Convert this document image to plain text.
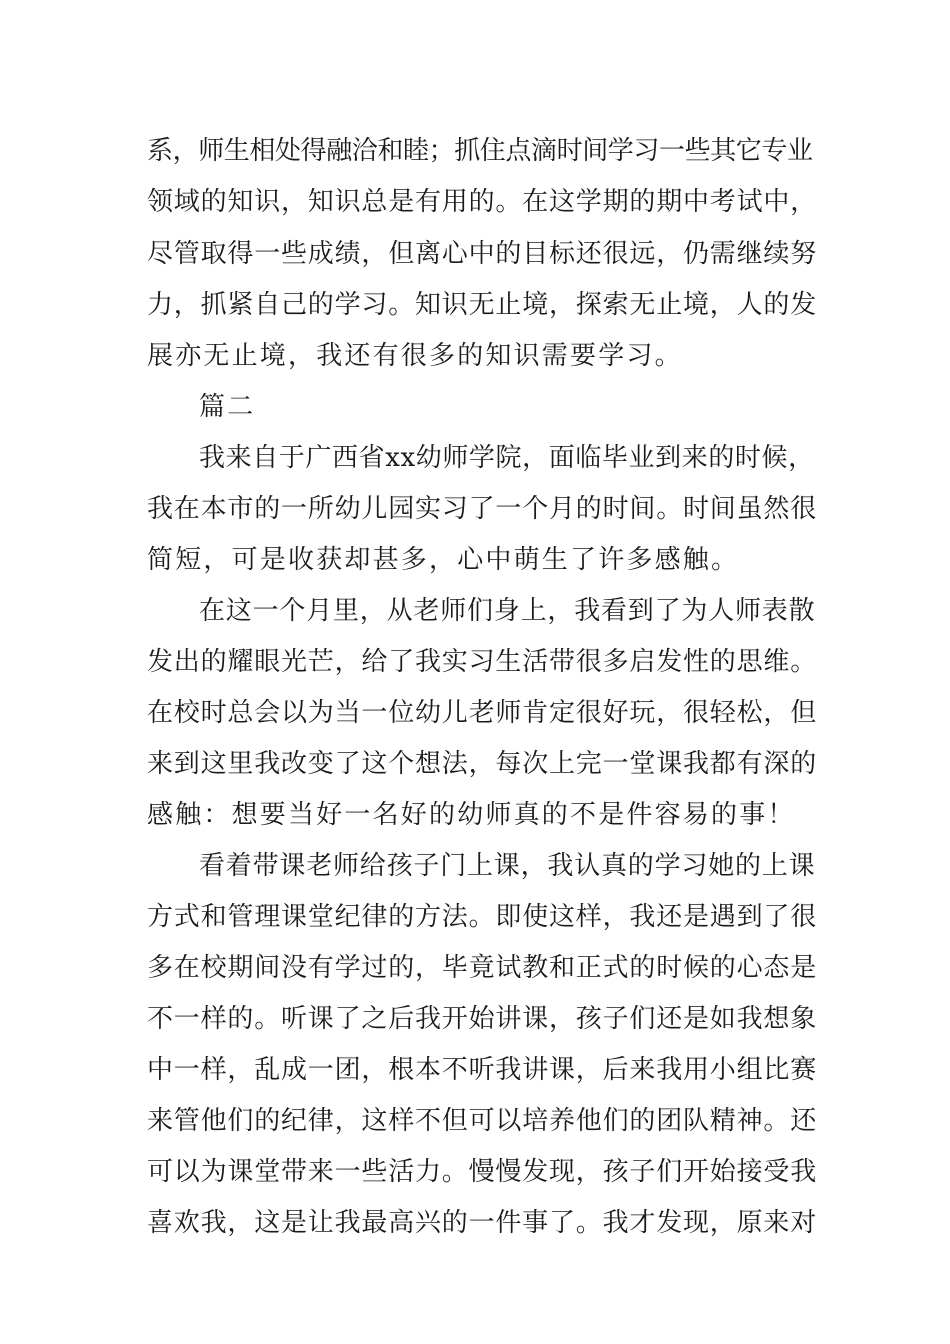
系，师生相处得融洽和睦；抓住点滴时间学习一些其它专业
领域的知识，知识总是有用的。在这学期的期中考试中，
尽管取得一些成绩，但离心中的目标还很远，仍需继续努
力，抓紧自己的学习。知识无止境，探索无止境，人的发
展亦无止境，我还有很多的知识需要学习。
篇二
我来自于广西省xx幼师学院，面临毕业到来的时候，
我在本市的一所幼儿园实习了一个月的时间。时间虽然很
简短，可是收获却甚多，心中萌生了许多感触。
在这一个月里，从老师们身上，我看到了为人师表散
发出的耀眼光芒，给了我实习生活带很多启发性的思维。
在校时总会以为当一位幼儿老师肯定很好玩，很轻松，但
来到这里我改变了这个想法，每次上完一堂课我都有深的
感触：想要当好一名好的幼师真的不是件容易的事！
看着带课老师给孩子门上课，我认真的学习她的上课
方式和管理课堂纪律的方法。即使这样，我还是遇到了很
多在校期间没有学过的，毕竟试教和正式的时候的心态是
不一样的。听课了之后我开始讲课，孩子们还是如我想象
中一样，乱成一团，根本不听我讲课，后来我用小组比赛
来管他们的纪律，这样不但可以培养他们的团队精神。还
可以为课堂带来一些活力。慢慢发现，孩子们开始接受我
喜欢我，这是让我最高兴的一件事了。我才发现，原来对
